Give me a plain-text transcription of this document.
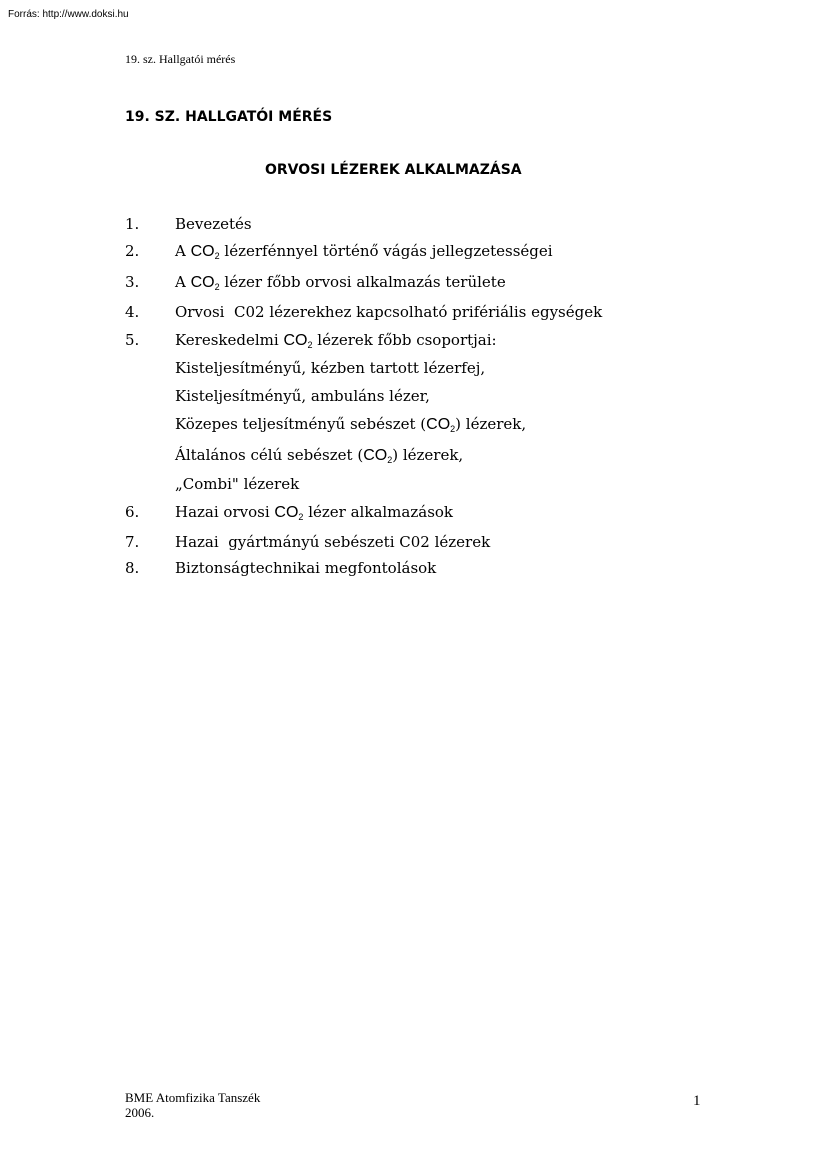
Forrás: http://www.doksi.hu
19. sz. Hallgatói mérés
19. SZ. HALLGATÓI MÉRÉS
ORVOSI LÉZEREK ALKALMAZÁSA
1. Bevezetés
2. A $CO_2$ lézerfénnyel történő vágás jellegzetességei
3. A $CO_2$ lézer főbb orvosi alkalmazás területe
4. Orvosi  C02 lézerekhez kapcsolható prifériális egységek
5. Kereskedelmi $CO_2$ lézerek főbb csoportjai:
Kisteljesítményű, kézben tartott lézerfej,
Kisteljesítményű, ambuláns lézer,
Közepes teljesítményű sebészet $(CO_2)$ lézerek,
Általános célú sebészet $(CO_2)$ lézerek,
„Combi" lézerek
6. Hazai orvosi $CO_2$ lézer alkalmazások
7. Hazai  gyártmányú sebészeti C02 lézerek
8. Biztonságtechnikai megfontolások
BME Atomfizika Tanszék
2006.
1
